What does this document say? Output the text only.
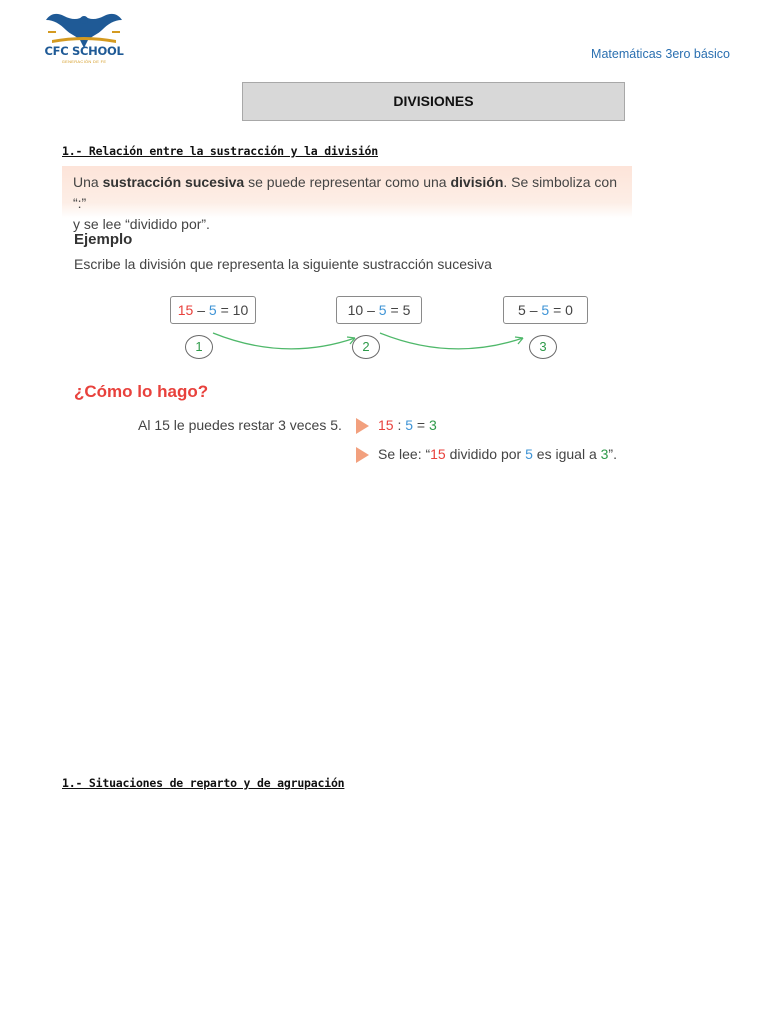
CFC SCHOOL
GENERACIÓN DE FE
Matemáticas 3ero básico
DIVISIONES
1.- Relación entre la sustracción y la división

Una sustracción sucesiva se puede representar como una división. Se simboliza con “:”
y se lee “dividido por”.

Ejemplo
Escribe la división que representa la siguiente sustracción sucesiva
15 – 5 = 10	10 – 5 = 5	5 – 5 = 0
1	2	3
¿Cómo lo hago?
Al 15 le puedes restar 3 veces 5.	15 : 5 = 3
Se lee: “15 dividido por 5 es igual a 3”.
1.- Situaciones de reparto y de agrupación
